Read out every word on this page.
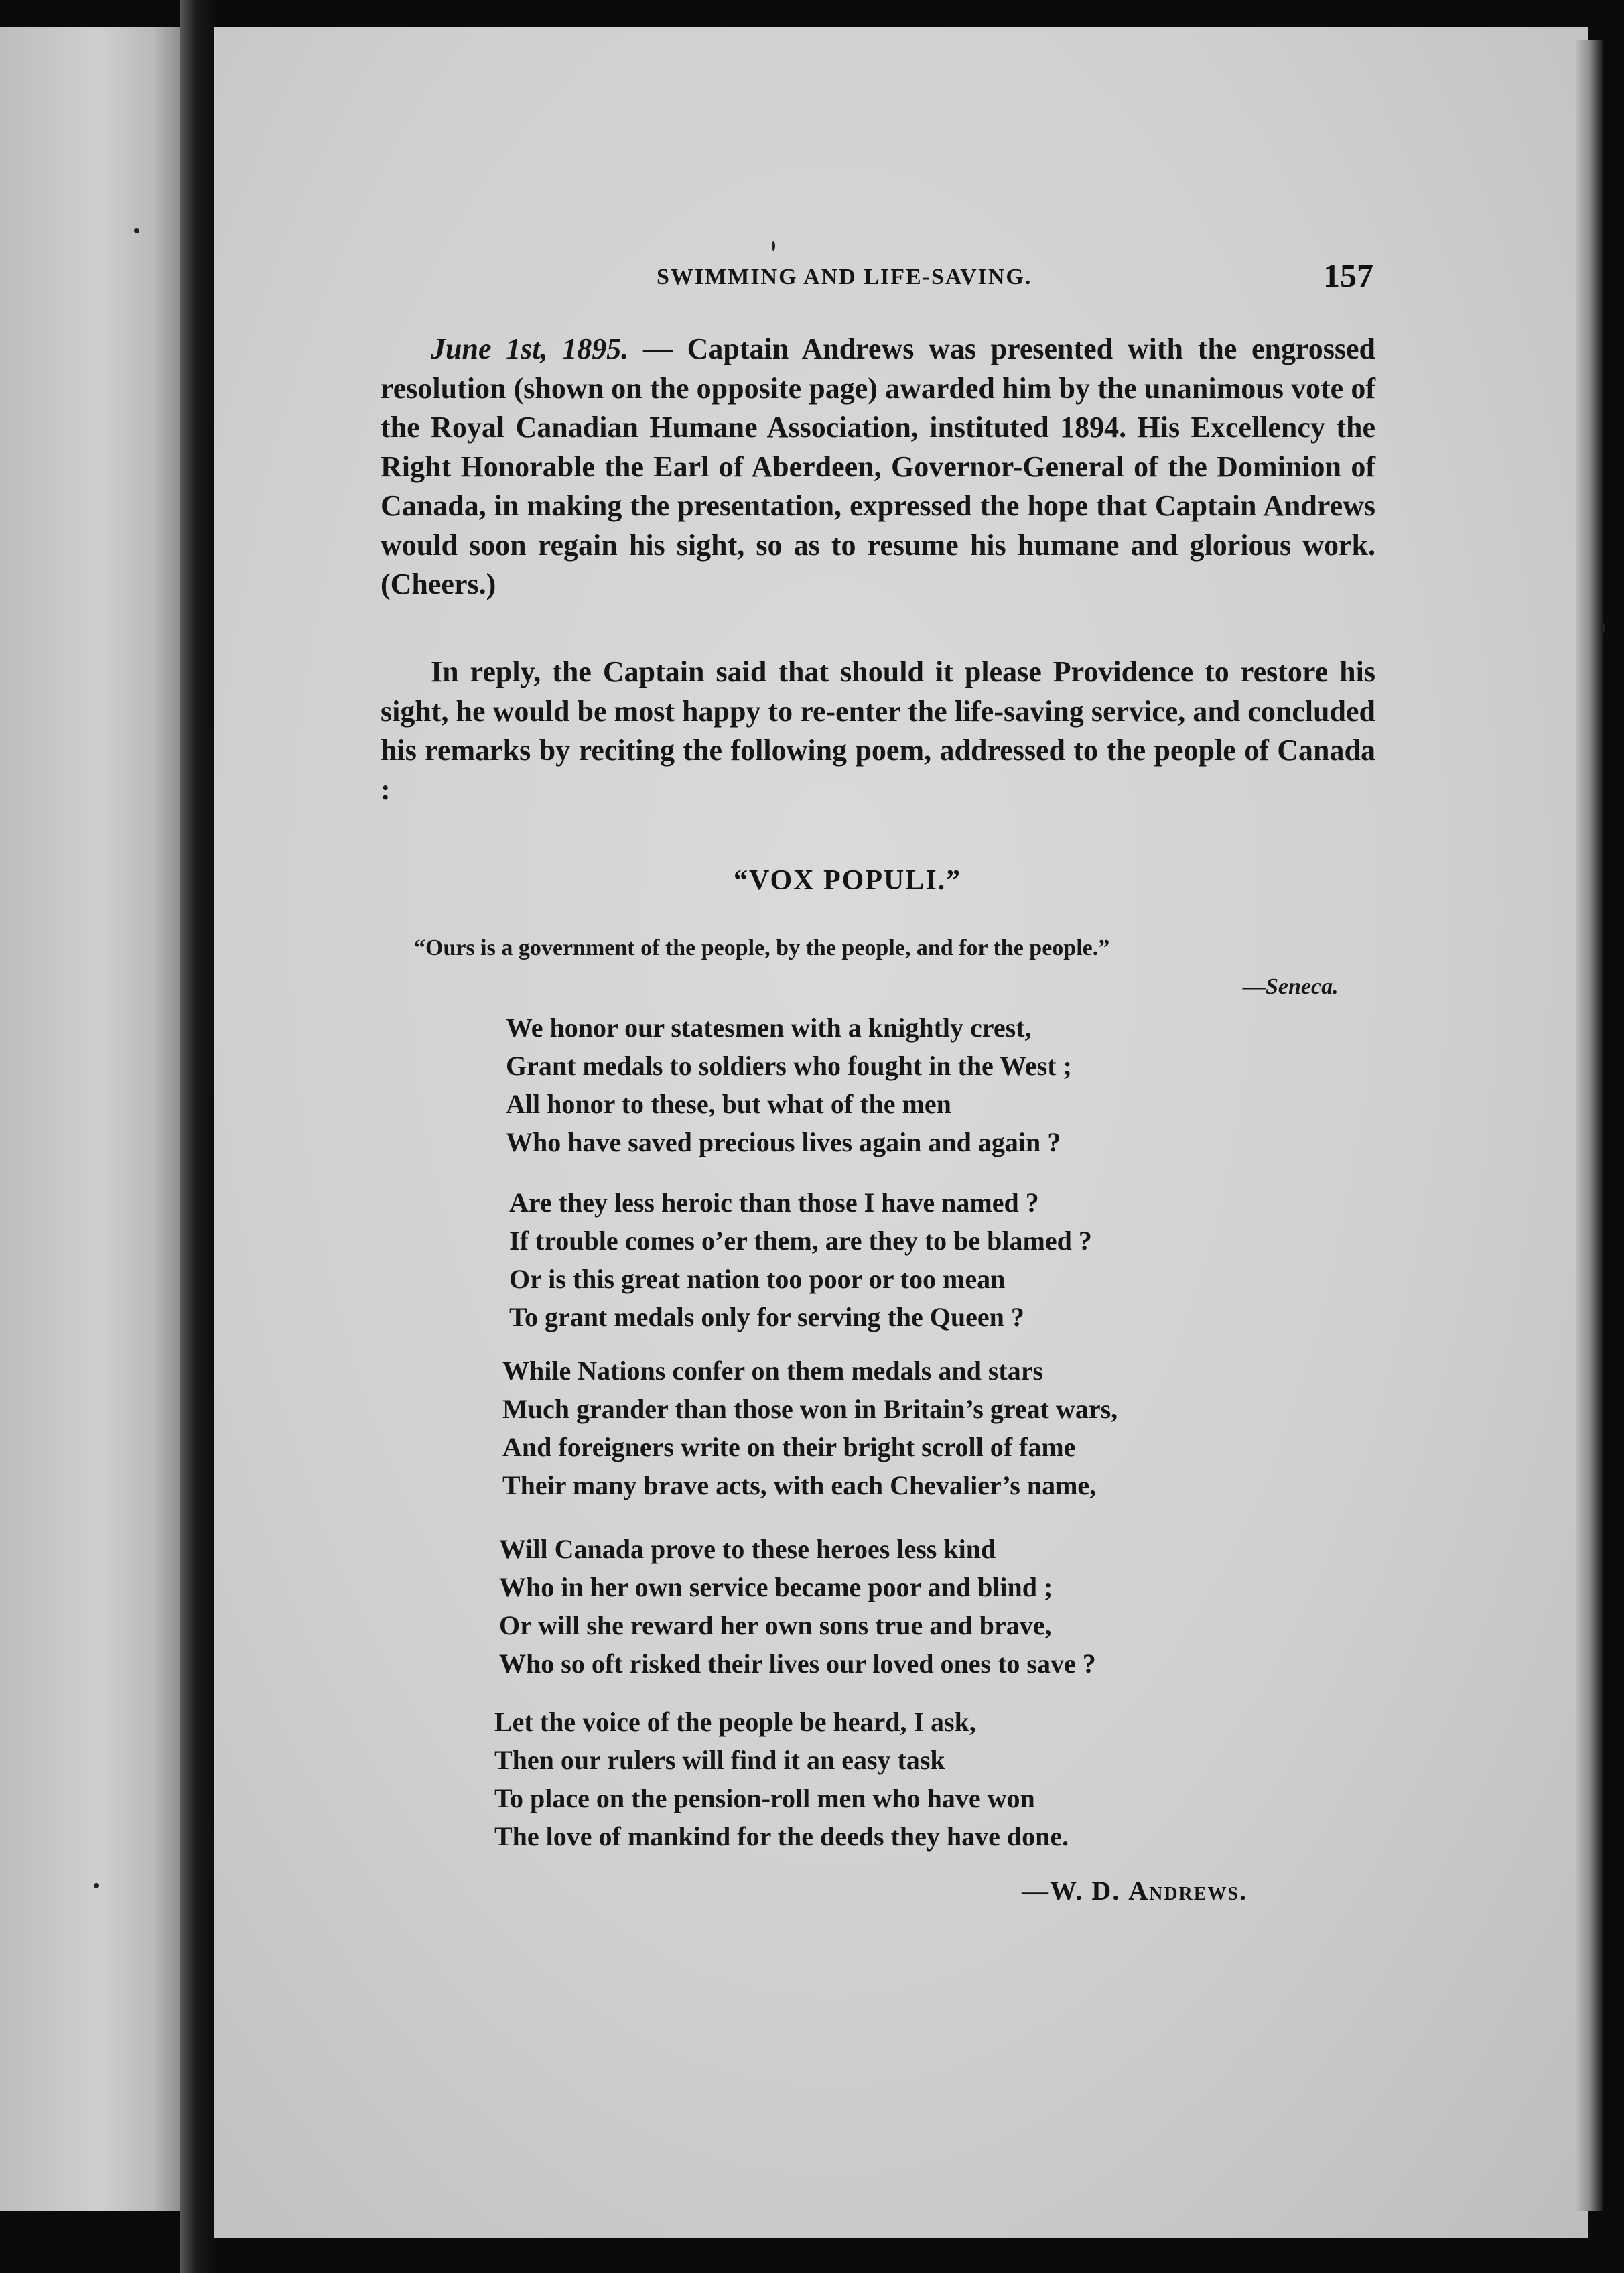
SWIMMING AND LIFE-SAVING.	157

June 1st, 1895. — Captain Andrews was presented with the engrossed resolution (shown on the opposite page) awarded him by the unanimous vote of the Royal Canadian Humane Association, instituted 1894. His Excellency the Right Honorable the Earl of Aberdeen, Governor-General of the Dominion of Canada, in making the presentation, expressed the hope that Captain Andrews would soon regain his sight, so as to resume his humane and glorious work. (Cheers.)

In reply, the Captain said that should it please Providence to restore his sight, he would be most happy to re-enter the life-saving service, and concluded his remarks by reciting the following poem, addressed to the people of Canada :

“VOX POPULI.”
“Ours is a government of the people, by the people, and for the people.”
—Seneca.
We honor our statesmen with a knightly crest,
Grant medals to soldiers who fought in the West ;
All honor to these, but what of the men
Who have saved precious lives again and again ?
Are they less heroic than those I have named ?
If trouble comes o’er them, are they to be blamed ?
Or is this great nation too poor or too mean
To grant medals only for serving the Queen ?
While Nations confer on them medals and stars
Much grander than those won in Britain’s great wars,
And foreigners write on their bright scroll of fame
Their many brave acts, with each Chevalier’s name,
Will Canada prove to these heroes less kind
Who in her own service became poor and blind ;
Or will she reward her own sons true and brave,
Who so oft risked their lives our loved ones to save ?
Let the voice of the people be heard, I ask,
Then our rulers will find it an easy task
To place on the pension-roll men who have won
The love of mankind for the deeds they have done.
—W. D. Andrews.
